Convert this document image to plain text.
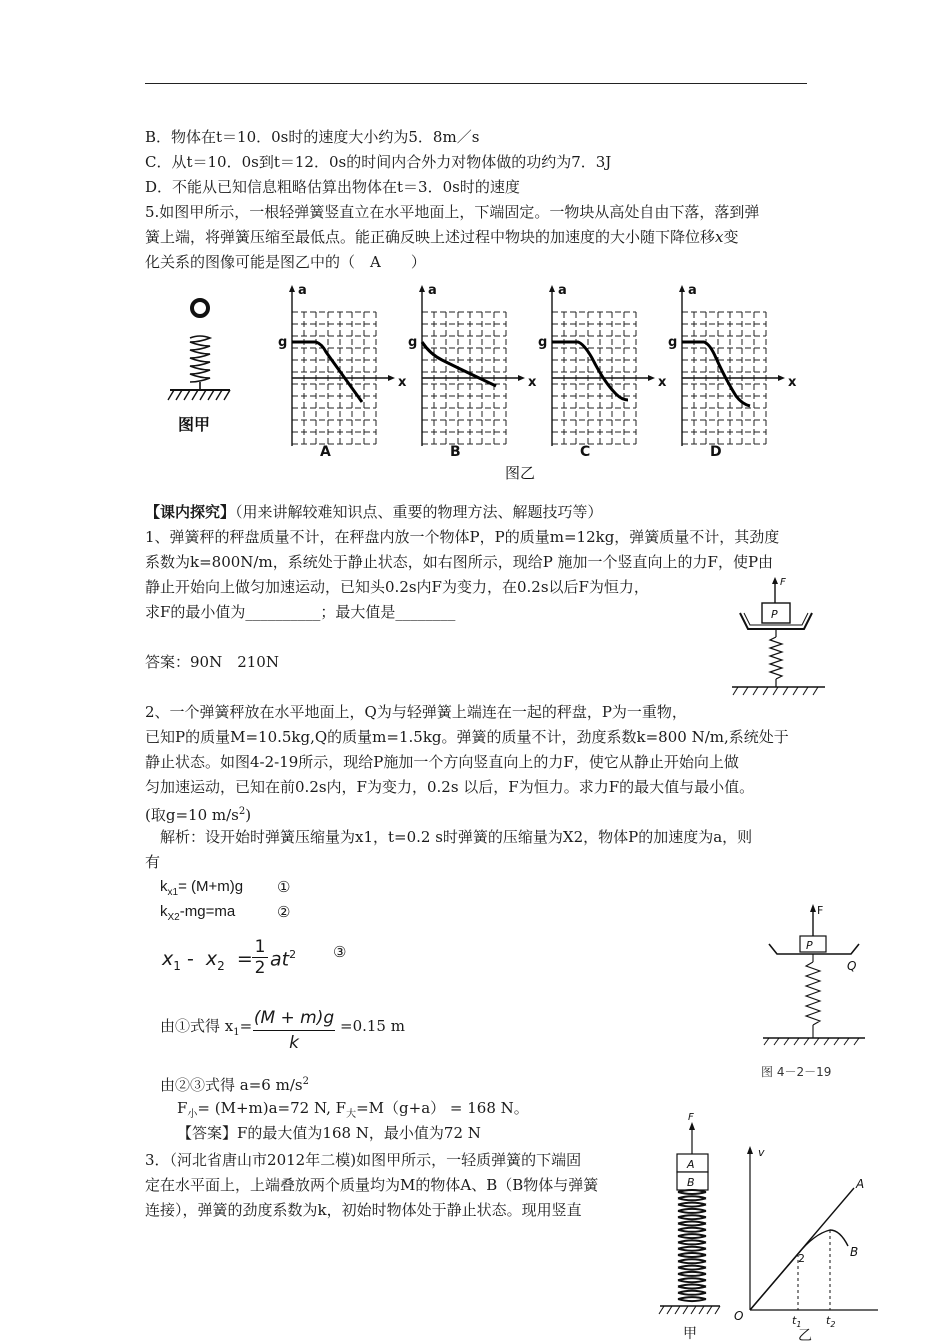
B．物体在t＝10．0s时的速度大小约为5．8m／s
C．从t＝10．0s到t＝12．0s的时间内合外力对物体做的功约为7．3J
D．不能从已知信息粗略估算出物体在t＝3．0s时的速度
5.如图甲所示，一根轻弹簧竖直立在水平地面上，下端固定。一物块从高处自由下落，落到弹
簧上端，将弹簧压缩至最低点。能正确反映上述过程中物块的加速度的大小随下降位移x变
化关系的图像可能是图乙中的（　A　　）
图甲
图乙
a
g
x
A
a
g
x
B
a
g
x
C
a
g
x
D
【课内探究】（用来讲解较难知识点、重要的物理方法、解题技巧等）
1、弹簧秤的秤盘质量不计，在秤盘内放一个物体P，P的质量m=12kg，弹簧质量不计，其劲度
系数为k=800N/m，系统处于静止状态，如右图所示，现给P 施加一个竖直向上的力F，使P由
静止开始向上做匀加速运动，已知头0.2s内F为变力，在0.2s以后F为恒力，
求F的最小值为__________；最大值是________
答案：90N　210N
F
P
2、一个弹簧秤放在水平地面上，Q为与轻弹簧上端连在一起的秤盘，P为一重物，
已知P的质量M=10.5kg,Q的质量m=1.5kg。弹簧的质量不计，劲度系数k=800 N/m,系统处于
静止状态。如图4-2-19所示，现给P施加一个方向竖直向上的力F，使它从静止开始向上做
匀加速运动，已知在前0.2s内，F为变力，0.2s 以后，F为恒力。求力F的最大值与最小值。
(取g=10 $m/s^2$)
解析：设开始时弹簧压缩量为x1，t=0.2 s时弹簧的压缩量为X2，物体P的加速度为a，则
有
$k_{x1}= (M+m)g$ ①
$k_{X2}-mg=ma$	②
$x_1 - x_2$ =
1
2 $at^2$ ③
由①式得 $x_1= (M + m)g$
k
=0.15 m
由②③式得 a=6 $m/s^2$
$F_小= (M+m)a=72$ N, $F_大=M(g+a) = 168$ N。
【答案】F的最大值为168 N，最小值为72 N
F
P
Q
图 4－2－19
3．（河北省唐山市2012年二模)如图甲所示，一轻质弹簧的下端固
定在水平面上，上端叠放两个质量均为M的物体A、B（B物体与弹簧
连接），弹簧的劲度系数为k，初始时物体处于静止状态。现用竖直
F
A
B
甲
v
O
A
B
2
$t_1$ $t_2$
乙
